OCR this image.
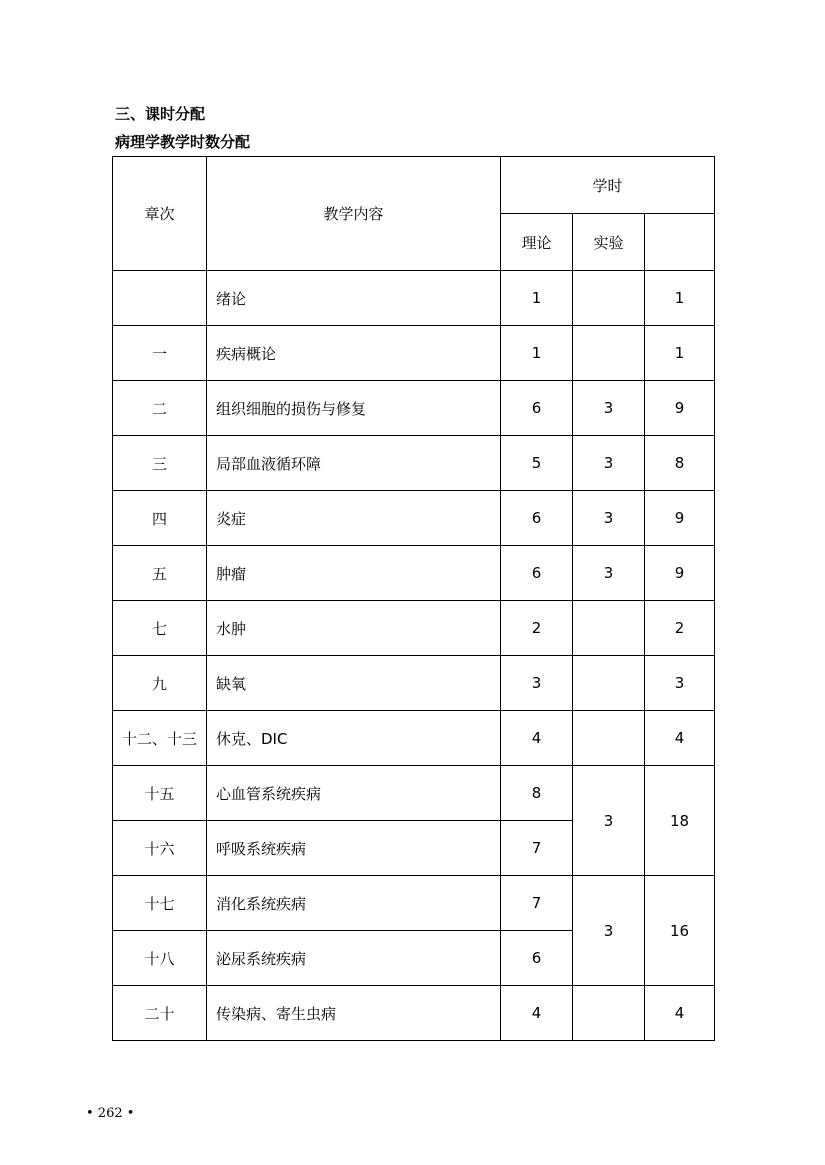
三、课时分配
病理学教学时数分配
章次	教学内容	学时		
		理论	实验	
	绪论	1		1
一	疾病概论	1		1
二	组织细胞的损伤与修复	6	3	9
三	局部血液循环障	5	3	8
四	炎症	6	3	9
五	肿瘤	6	3	9
七	水肿	2		2
九	缺氧	3		3
十二、十三	休克、DIC	4		4
十五	心血管系统疾病	8	3	18
十六	呼吸系统疾病	7		
十七	消化系统疾病	7	3	16
十八	泌尿系统疾病	6		
二十	传染病、寄生虫病	4		4
• 262 •
